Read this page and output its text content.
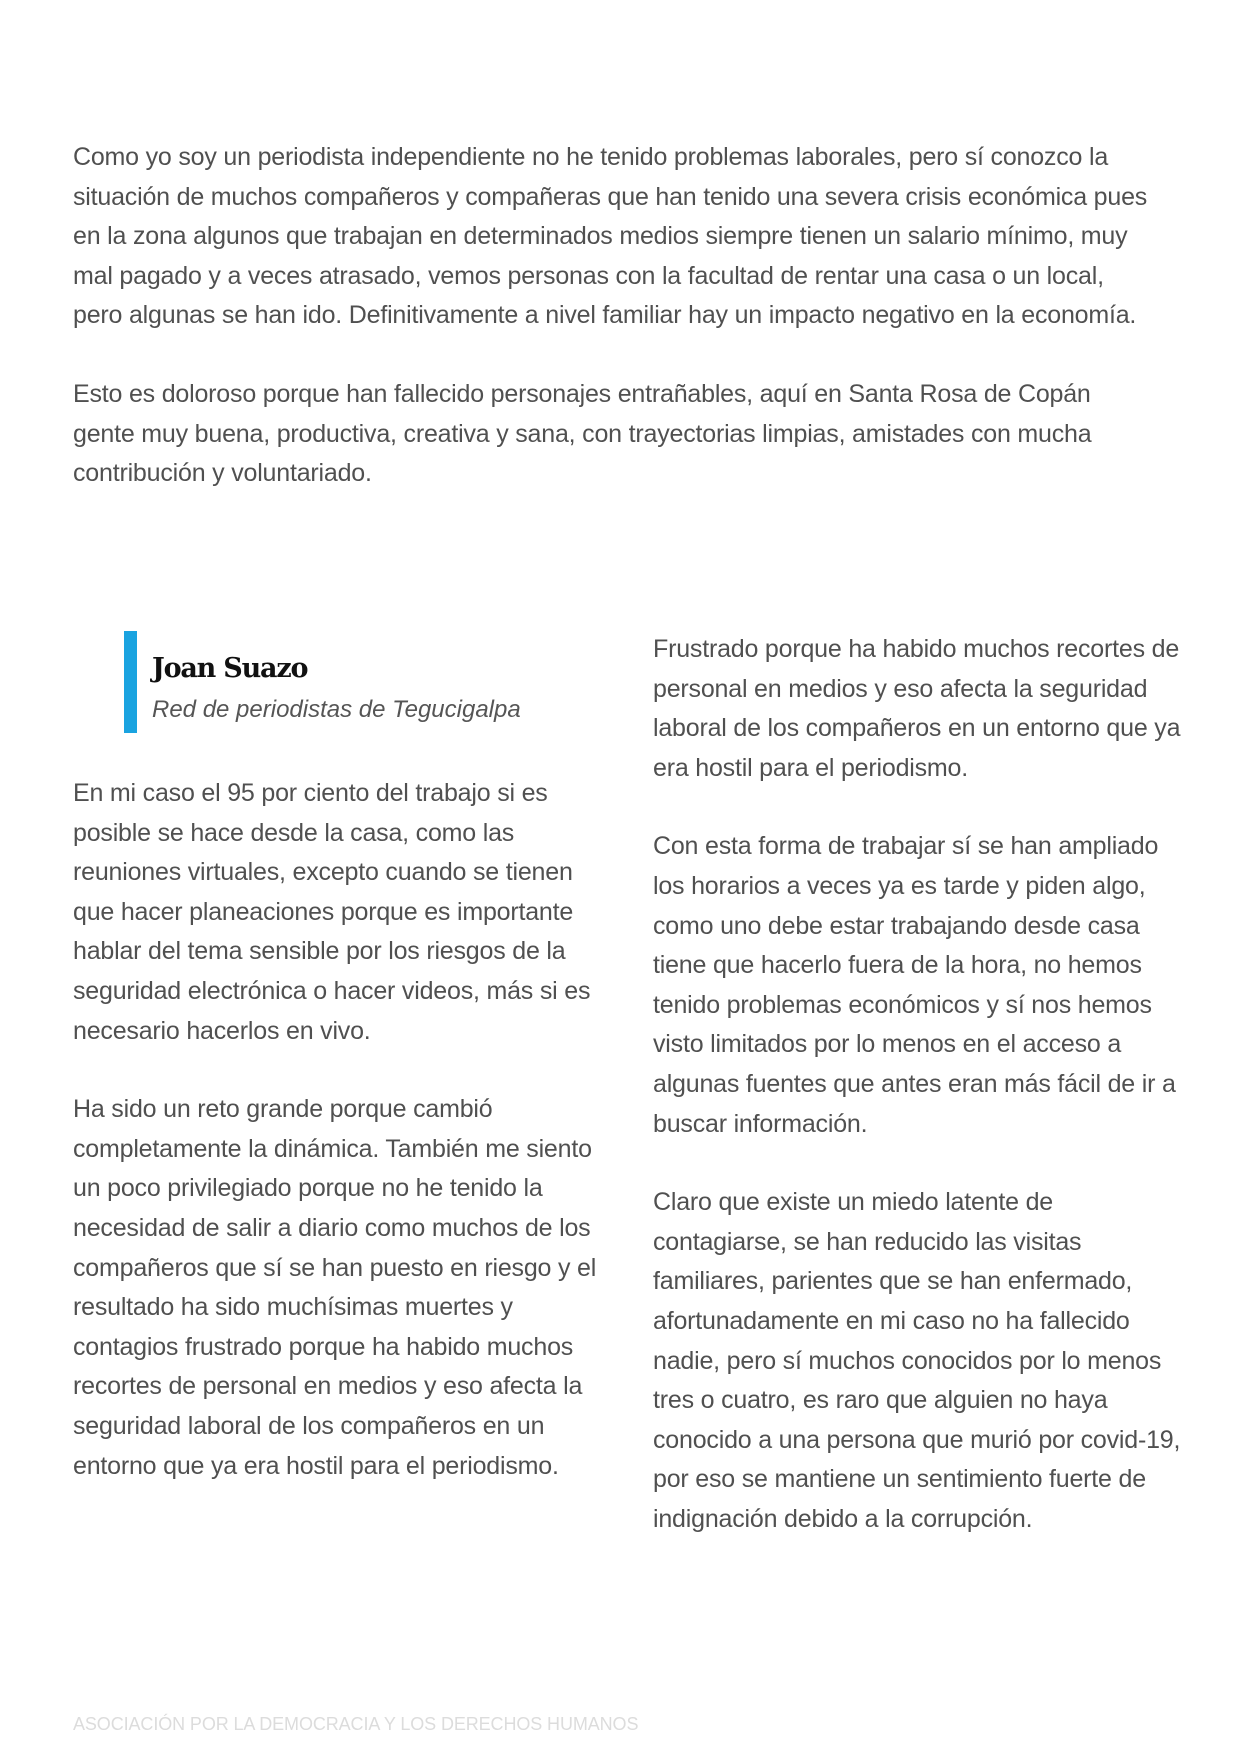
Como yo soy un periodista independiente no he tenido problemas laborales, pero sí conozco la situación de muchos compañeros y compañeras que han tenido una severa crisis económica pues en la zona algunos que trabajan en determinados medios siempre tienen un salario mínimo, muy mal pagado y a veces atrasado, vemos personas con la facultad de rentar una casa o un local, pero algunas se han ido. Definitivamente a nivel familiar hay un impacto negativo en la economía.

Esto es doloroso porque han fallecido personajes entrañables, aquí en Santa Rosa de Copán gente muy buena, productiva, creativa y sana, con trayectorias limpias, amistades con mucha contribución y voluntariado.

Joan Suazo
Red de periodistas de Tegucigalpa

En mi caso el 95 por ciento del trabajo si es posible se hace desde la casa, como las reuniones virtuales, excepto cuando se tienen que hacer planeaciones porque es importante hablar del tema sensible por los riesgos de la seguridad electrónica o hacer videos, más si es necesario hacerlos en vivo.

Ha sido un reto grande porque cambió completamente la dinámica. También me siento un poco privilegiado porque no he tenido la necesidad de salir a diario como muchos de los compañeros que sí se han puesto en riesgo y el resultado ha sido muchísimas muertes y contagios frustrado porque ha habido muchos recortes de personal en medios y eso afecta la seguridad laboral de los compañeros en un entorno que ya era hostil para el periodismo.

Frustrado porque ha habido muchos recortes de personal en medios y eso afecta la seguridad laboral de los compañeros en un entorno que ya era hostil para el periodismo.

Con esta forma de trabajar sí se han ampliado los horarios a veces ya es tarde y piden algo, como uno debe estar trabajando desde casa tiene que hacerlo fuera de la hora, no hemos tenido problemas económicos y sí nos hemos visto limitados por lo menos en el acceso a algunas fuentes que antes eran más fácil de ir a buscar información.

Claro que existe un miedo latente de contagiarse, se han reducido las visitas familiares, parientes que se han enfermado, afortunadamente en mi caso no ha fallecido nadie, pero sí muchos conocidos por lo menos tres o cuatro, es raro que alguien no haya conocido a una persona que murió por covid-19, por eso se mantiene un sentimiento fuerte de indignación debido a la corrupción.

ASOCIACIÓN POR LA DEMOCRACIA Y LOS DERECHOS HUMANOS
